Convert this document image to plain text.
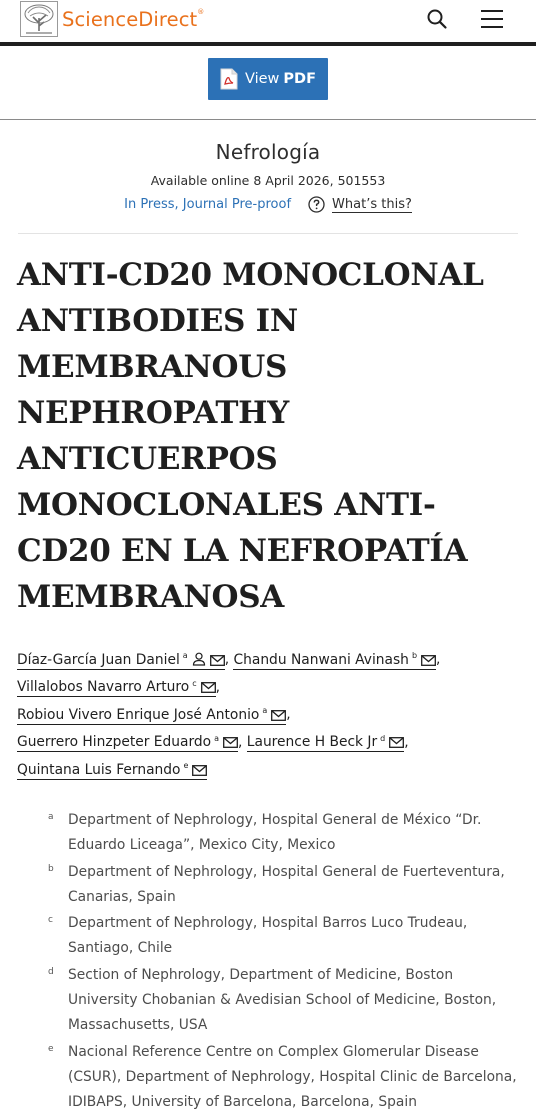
ScienceDirect®
View PDF
Nefrología
Available online 8 April 2026, 501553
In Press, Journal Pre-proof	What’s this?
ANTI-CD20 MONOCLONAL ANTIBODIES IN MEMBRANOUS NEPHROPATHY
ANTICUERPOS MONOCLONALES ANTI-CD20 EN LA NEFROPATÍA MEMBRANOSA
Díaz-García Juan Daniel $^a$	, Chandu Nanwani Avinash $^b$ ,
Villalobos Navarro Arturo $^c$ ,
Robiou Vivero Enrique José Antonio $^a$ ,
Guerrero Hinzpeter Eduardo $^a$ , Laurence H Beck Jr $^d$ ,
Quintana Luis Fernando $^e$
a Department of Nephrology, Hospital General de México “Dr. Eduardo Liceaga”, Mexico City, Mexico
b Department of Nephrology, Hospital General de Fuerteventura, Canarias, Spain
c Department of Nephrology, Hospital Barros Luco Trudeau, Santiago, Chile
d Section of Nephrology, Department of Medicine, Boston University Chobanian & Avedisian School of Medicine, Boston, Massachusetts, USA
e Nacional Reference Centre on Complex Glomerular Disease (CSUR), Department of Nephrology, Hospital Clinic de Barcelona, IDIBAPS, University of Barcelona, Barcelona, Spain
